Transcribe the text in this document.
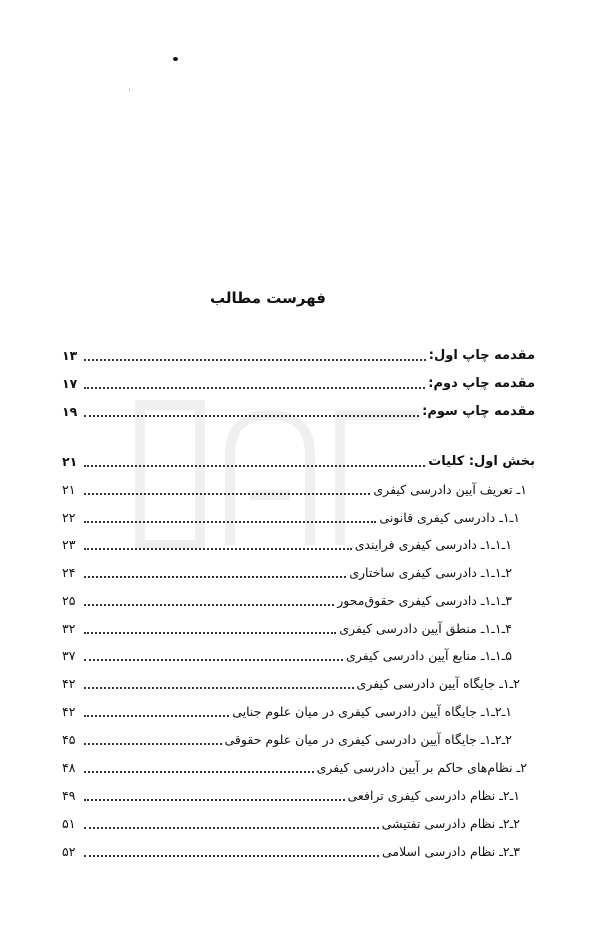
فهرست مطالب
مقدمه چاپ اول:
۱۳
مقدمه چاپ دوم:
۱۷
مقدمه چاپ سوم:
۱۹
بخش اول: کلیات
۲۱
۱ـ تعریف آیین دادرسی کیفری
۲۱
۱ـ۱ـ دادرسی کیفری قانونی
۲۲
۱ـ۱ـ۱ـ دادرسی کیفری فرایندی
۲۳
۲ـ۱ـ۱ـ دادرسی کیفری ساختاری
۲۴
۳ـ۱ـ۱ـ دادرسی کیفری حقوق‌محور
۲۵
۴ـ۱ـ۱ـ منطق آیین دادرسی کیفری
۳۲
۵ـ۱ـ۱ـ منابع آیین دادرسی کیفری
۳۷
۲ـ۱ـ جایگاه آیین دادرسی کیفری
۴۲
۱ـ۲ـ۱ـ جایگاه آیین دادرسی کیفری در میان علوم جنایی
۴۲
۲ـ۲ـ۱ـ جایگاه آیین دادرسی کیفری در میان علوم حقوقی
۴۵
۲ـ نظام‌های حاکم بر آیین دادرسی کیفری
۴۸
۱ـ۲ـ نظام دادرسی کیفری ترافعی
۴۹
۲ـ۲ـ نظام دادرسی تفتیشی
۵۱
۳ـ۲ـ نظام دادرسی اسلامی
۵۲
